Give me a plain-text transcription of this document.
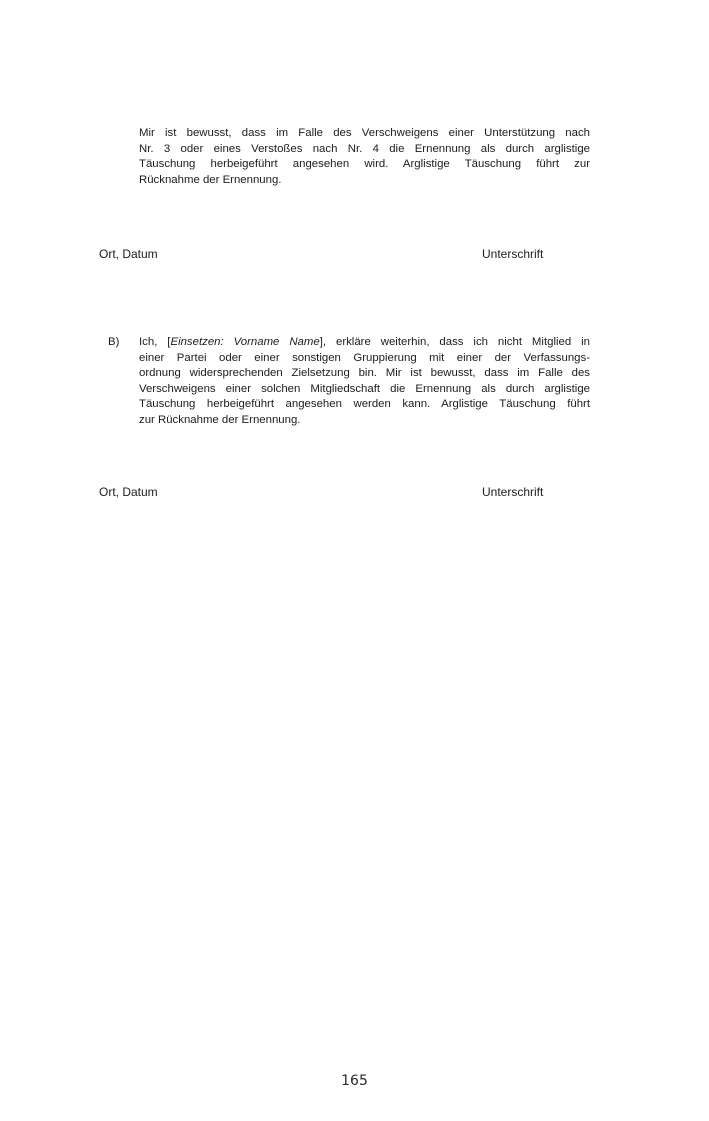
Mir ist bewusst, dass im Falle des Verschweigens einer Unterstützung nach
Nr. 3 oder eines Verstoßes nach Nr. 4 die Ernennung als durch arglistige
Täuschung herbeigeführt angesehen wird. Arglistige Täuschung führt zur
Rücknahme der Ernennung.

Ort, Datum	Unterschrift

B) Ich, [Einsetzen: Vorname Name], erkläre weiterhin, dass ich nicht Mitglied in
einer Partei oder einer sonstigen Gruppierung mit einer der Verfassungs-
ordnung widersprechenden Zielsetzung bin. Mir ist bewusst, dass im Falle des
Verschweigens einer solchen Mitgliedschaft die Ernennung als durch arglistige
Täuschung herbeigeführt angesehen werden kann. Arglistige Täuschung führt
zur Rücknahme der Ernennung.

Ort, Datum	Unterschrift

165
